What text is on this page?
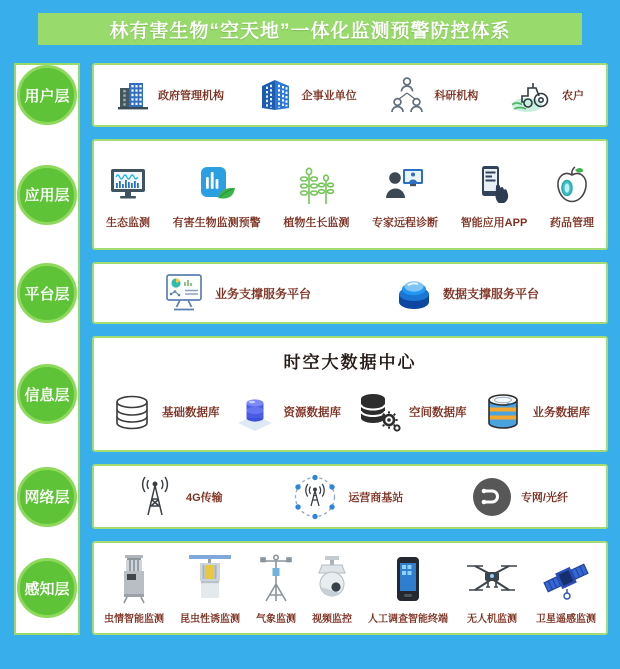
林有害生物“空天地”一体化监测预警防控体系
用户层
应用层
平台层
信息层
网络层
感知层
政府管理机构	企事业单位	科研机构	农户
生态监测 有害生物监测预警 植物生长监测 专家远程诊断 智能应用APP 药品管理
业务支撑服务平台	数据支撑服务平台
时空大数据中心
基础数据库	资源数据库	空间数据库	业务数据库
4G传输	运营商基站	专网/光纤
虫情智能监测 昆虫性诱监测 气象监测 视频监控 人工调查智能终端 无人机监测 卫星遥感监测
